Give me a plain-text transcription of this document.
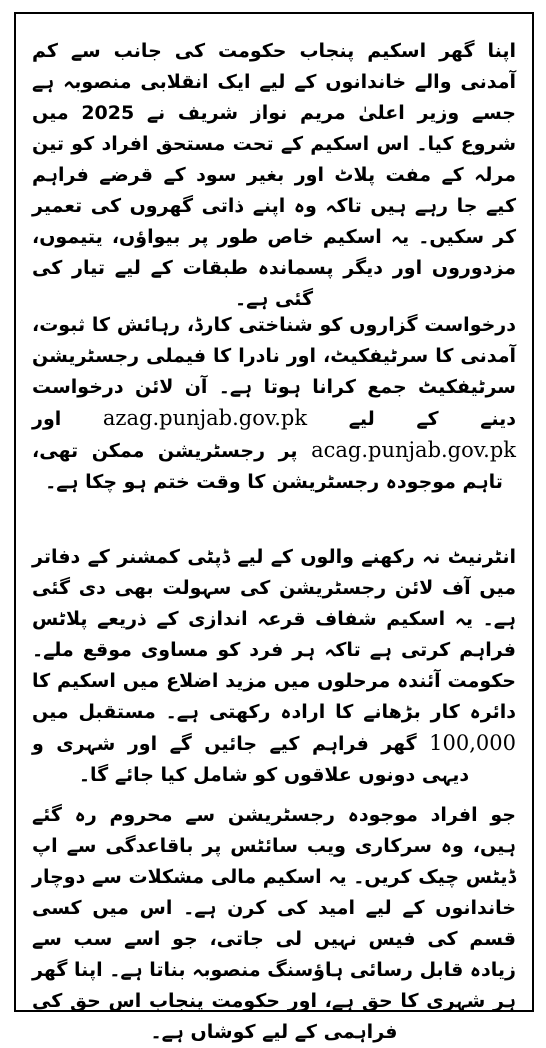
اپنا گھر اسکیم پنجاب حکومت کی جانب سے کم آمدنی والے خاندانوں کے لیے ایک انقلابی منصوبہ ہے جسے وزیر اعلیٰ مریم نواز شریف نے 2025 میں شروع کیا۔ اس اسکیم کے تحت مستحق افراد کو تین مرلہ کے مفت پلاٹ اور بغیر سود کے قرضے فراہم کیے جا رہے ہیں تاکہ وہ اپنے ذاتی گھروں کی تعمیر کر سکیں۔ یہ اسکیم خاص طور پر بیواؤں، یتیموں، مزدوروں اور دیگر پسماندہ طبقات کے لیے تیار کی گئی ہے۔

درخواست گزاروں کو شناختی کارڈ، رہائش کا ثبوت، آمدنی کا سرٹیفکیٹ، اور نادرا کا فیملی رجسٹریشن سرٹیفکیٹ جمع کرانا ہوتا ہے۔ آن لائن درخواست دینے کے لیے azag.punjab.gov.pk اور acag.punjab.gov.pk پر رجسٹریشن ممکن تھی، تاہم موجودہ رجسٹریشن کا وقت ختم ہو چکا ہے۔

انٹرنیٹ نہ رکھنے والوں کے لیے ڈپٹی کمشنر کے دفاتر میں آف لائن رجسٹریشن کی سہولت بھی دی گئی ہے۔ یہ اسکیم شفاف قرعہ اندازی کے ذریعے پلاٹس فراہم کرتی ہے تاکہ ہر فرد کو مساوی موقع ملے۔ حکومت آئندہ مرحلوں میں مزید اضلاع میں اسکیم کا دائرہ کار بڑھانے کا ارادہ رکھتی ہے۔ مستقبل میں 100,000 گھر فراہم کیے جائیں گے اور شہری و دیہی دونوں علاقوں کو شامل کیا جائے گا۔

جو افراد موجودہ رجسٹریشن سے محروم رہ گئے ہیں، وہ سرکاری ویب سائٹس پر باقاعدگی سے اپ ڈیٹس چیک کریں۔ یہ اسکیم مالی مشکلات سے دوچار خاندانوں کے لیے امید کی کرن ہے۔ اس میں کسی قسم کی فیس نہیں لی جاتی، جو اسے سب سے زیادہ قابل رسائی ہاؤسنگ منصوبہ بناتا ہے۔ اپنا گھر ہر شہری کا حق ہے، اور حکومت پنجاب اس حق کی فراہمی کے لیے کوشاں ہے۔
